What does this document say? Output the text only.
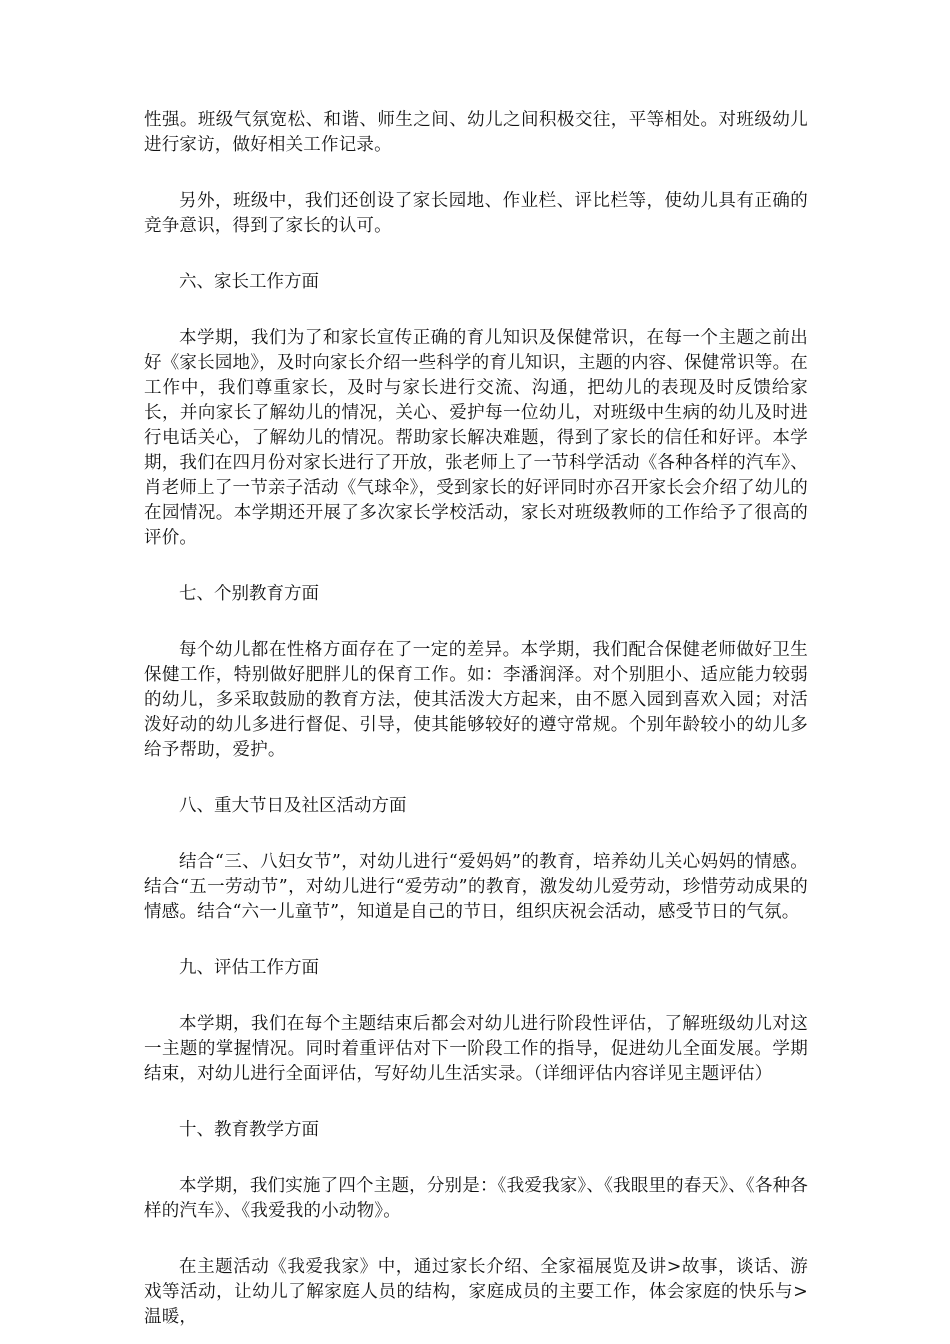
性强。班级气氛宽松、和谐、师生之间、幼儿之间积极交往，平等相处。对班级幼儿进行家访，做好相关工作记录。

另外，班级中，我们还创设了家长园地、作业栏、评比栏等，使幼儿具有正确的竞争意识，得到了家长的认可。

六、家长工作方面

本学期，我们为了和家长宣传正确的育儿知识及保健常识，在每一个主题之前出好《家长园地》，及时向家长介绍一些科学的育儿知识，主题的内容、保健常识等。在工作中，我们尊重家长，及时与家长进行交流、沟通，把幼儿的表现及时反馈给家长，并向家长了解幼儿的情况，关心、爱护每一位幼儿，对班级中生病的幼儿及时进行电话关心，了解幼儿的情况。帮助家长解决难题，得到了家长的信任和好评。本学期，我们在四月份对家长进行了开放，张老师上了一节科学活动《各种各样的汽车》、肖老师上了一节亲子活动《气球伞》，受到家长的好评同时亦召开家长会介绍了幼儿的在园情况。本学期还开展了多次家长学校活动，家长对班级教师的工作给予了很高的评价。

七、个别教育方面

每个幼儿都在性格方面存在了一定的差异。本学期，我们配合保健老师做好卫生保健工作，特别做好肥胖儿的保育工作。如：李潘润泽。对个别胆小、适应能力较弱的幼儿，多采取鼓励的教育方法，使其活泼大方起来，由不愿入园到喜欢入园；对活泼好动的幼儿多进行督促、引导，使其能够较好的遵守常规。个别年龄较小的幼儿多给予帮助，爱护。

八、重大节日及社区活动方面

结合“三、八妇女节”，对幼儿进行“爱妈妈”的教育，培养幼儿关心妈妈的情感。结合“五一劳动节”，对幼儿进行“爱劳动”的教育，激发幼儿爱劳动，珍惜劳动成果的情感。结合“六一儿童节”，知道是自己的节日，组织庆祝会活动，感受节日的气氛。

九、评估工作方面

本学期，我们在每个主题结束后都会对幼儿进行阶段性评估，了解班级幼儿对这一主题的掌握情况。同时着重评估对下一阶段工作的指导，促进幼儿全面发展。学期结束，对幼儿进行全面评估，写好幼儿生活实录。（详细评估内容详见主题评估）

十、教育教学方面

本学期，我们实施了四个主题，分别是：《我爱我家》、《我眼里的春天》、《各种各样的汽车》、《我爱我的小动物》。

在主题活动《我爱我家》中，通过家长介绍、全家福展览及讲>故事，谈话、游戏等活动，让幼儿了解家庭人员的结构，家庭成员的主要工作，体会家庭的快乐与>温暖，
